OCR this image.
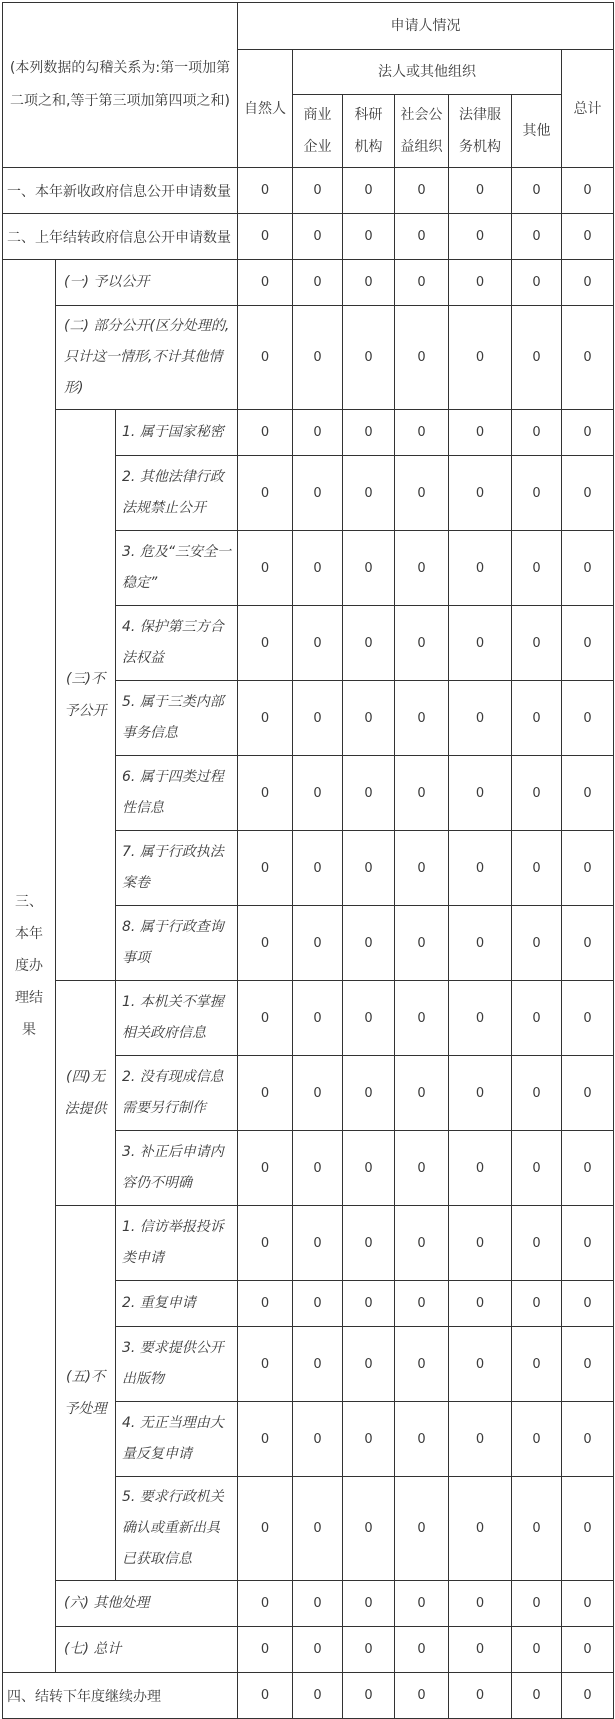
(本列数据的勾稽关系为:第一项加第二项之和,等于第三项加第四项之和)			申请人情况						
			自然人	法人或其他组织					总计
				商业企业	科研机构	社会公益组织	法律服务机构	其他	
一、本年新收政府信息公开申请数量			0	0	0	0	0	0	0
二、上年结转政府信息公开申请数量			0	0	0	0	0	0	0
三、本年度办理结果	(一) 予以公开		0	0	0	0	0	0	0
	(二) 部分公开(区分处理的,只计这一情形,不计其他情形)		0	0	0	0	0	0	0
	(三)不予公开	1. 属于国家秘密	0	0	0	0	0	0	0
		2. 其他法律行政法规禁止公开	0	0	0	0	0	0	0
		3. 危及“三安全一稳定”	0	0	0	0	0	0	0
		4. 保护第三方合法权益	0	0	0	0	0	0	0
		5. 属于三类内部事务信息	0	0	0	0	0	0	0
		6. 属于四类过程性信息	0	0	0	0	0	0	0
		7. 属于行政执法案卷	0	0	0	0	0	0	0
		8. 属于行政查询事项	0	0	0	0	0	0	0
	(四)无法提供	1. 本机关不掌握相关政府信息	0	0	0	0	0	0	0
		2. 没有现成信息需要另行制作	0	0	0	0	0	0	0
		3. 补正后申请内容仍不明确	0	0	0	0	0	0	0
	(五)不予处理	1. 信访举报投诉类申请	0	0	0	0	0	0	0
		2. 重复申请	0	0	0	0	0	0	0
		3. 要求提供公开出版物	0	0	0	0	0	0	0
		4. 无正当理由大量反复申请	0	0	0	0	0	0	0
		5. 要求行政机关确认或重新出具已获取信息	0	0	0	0	0	0	0
	(六) 其他处理		0	0	0	0	0	0	0
	(七) 总计		0	0	0	0	0	0	0
四、结转下年度继续办理			0	0	0	0	0	0	0
